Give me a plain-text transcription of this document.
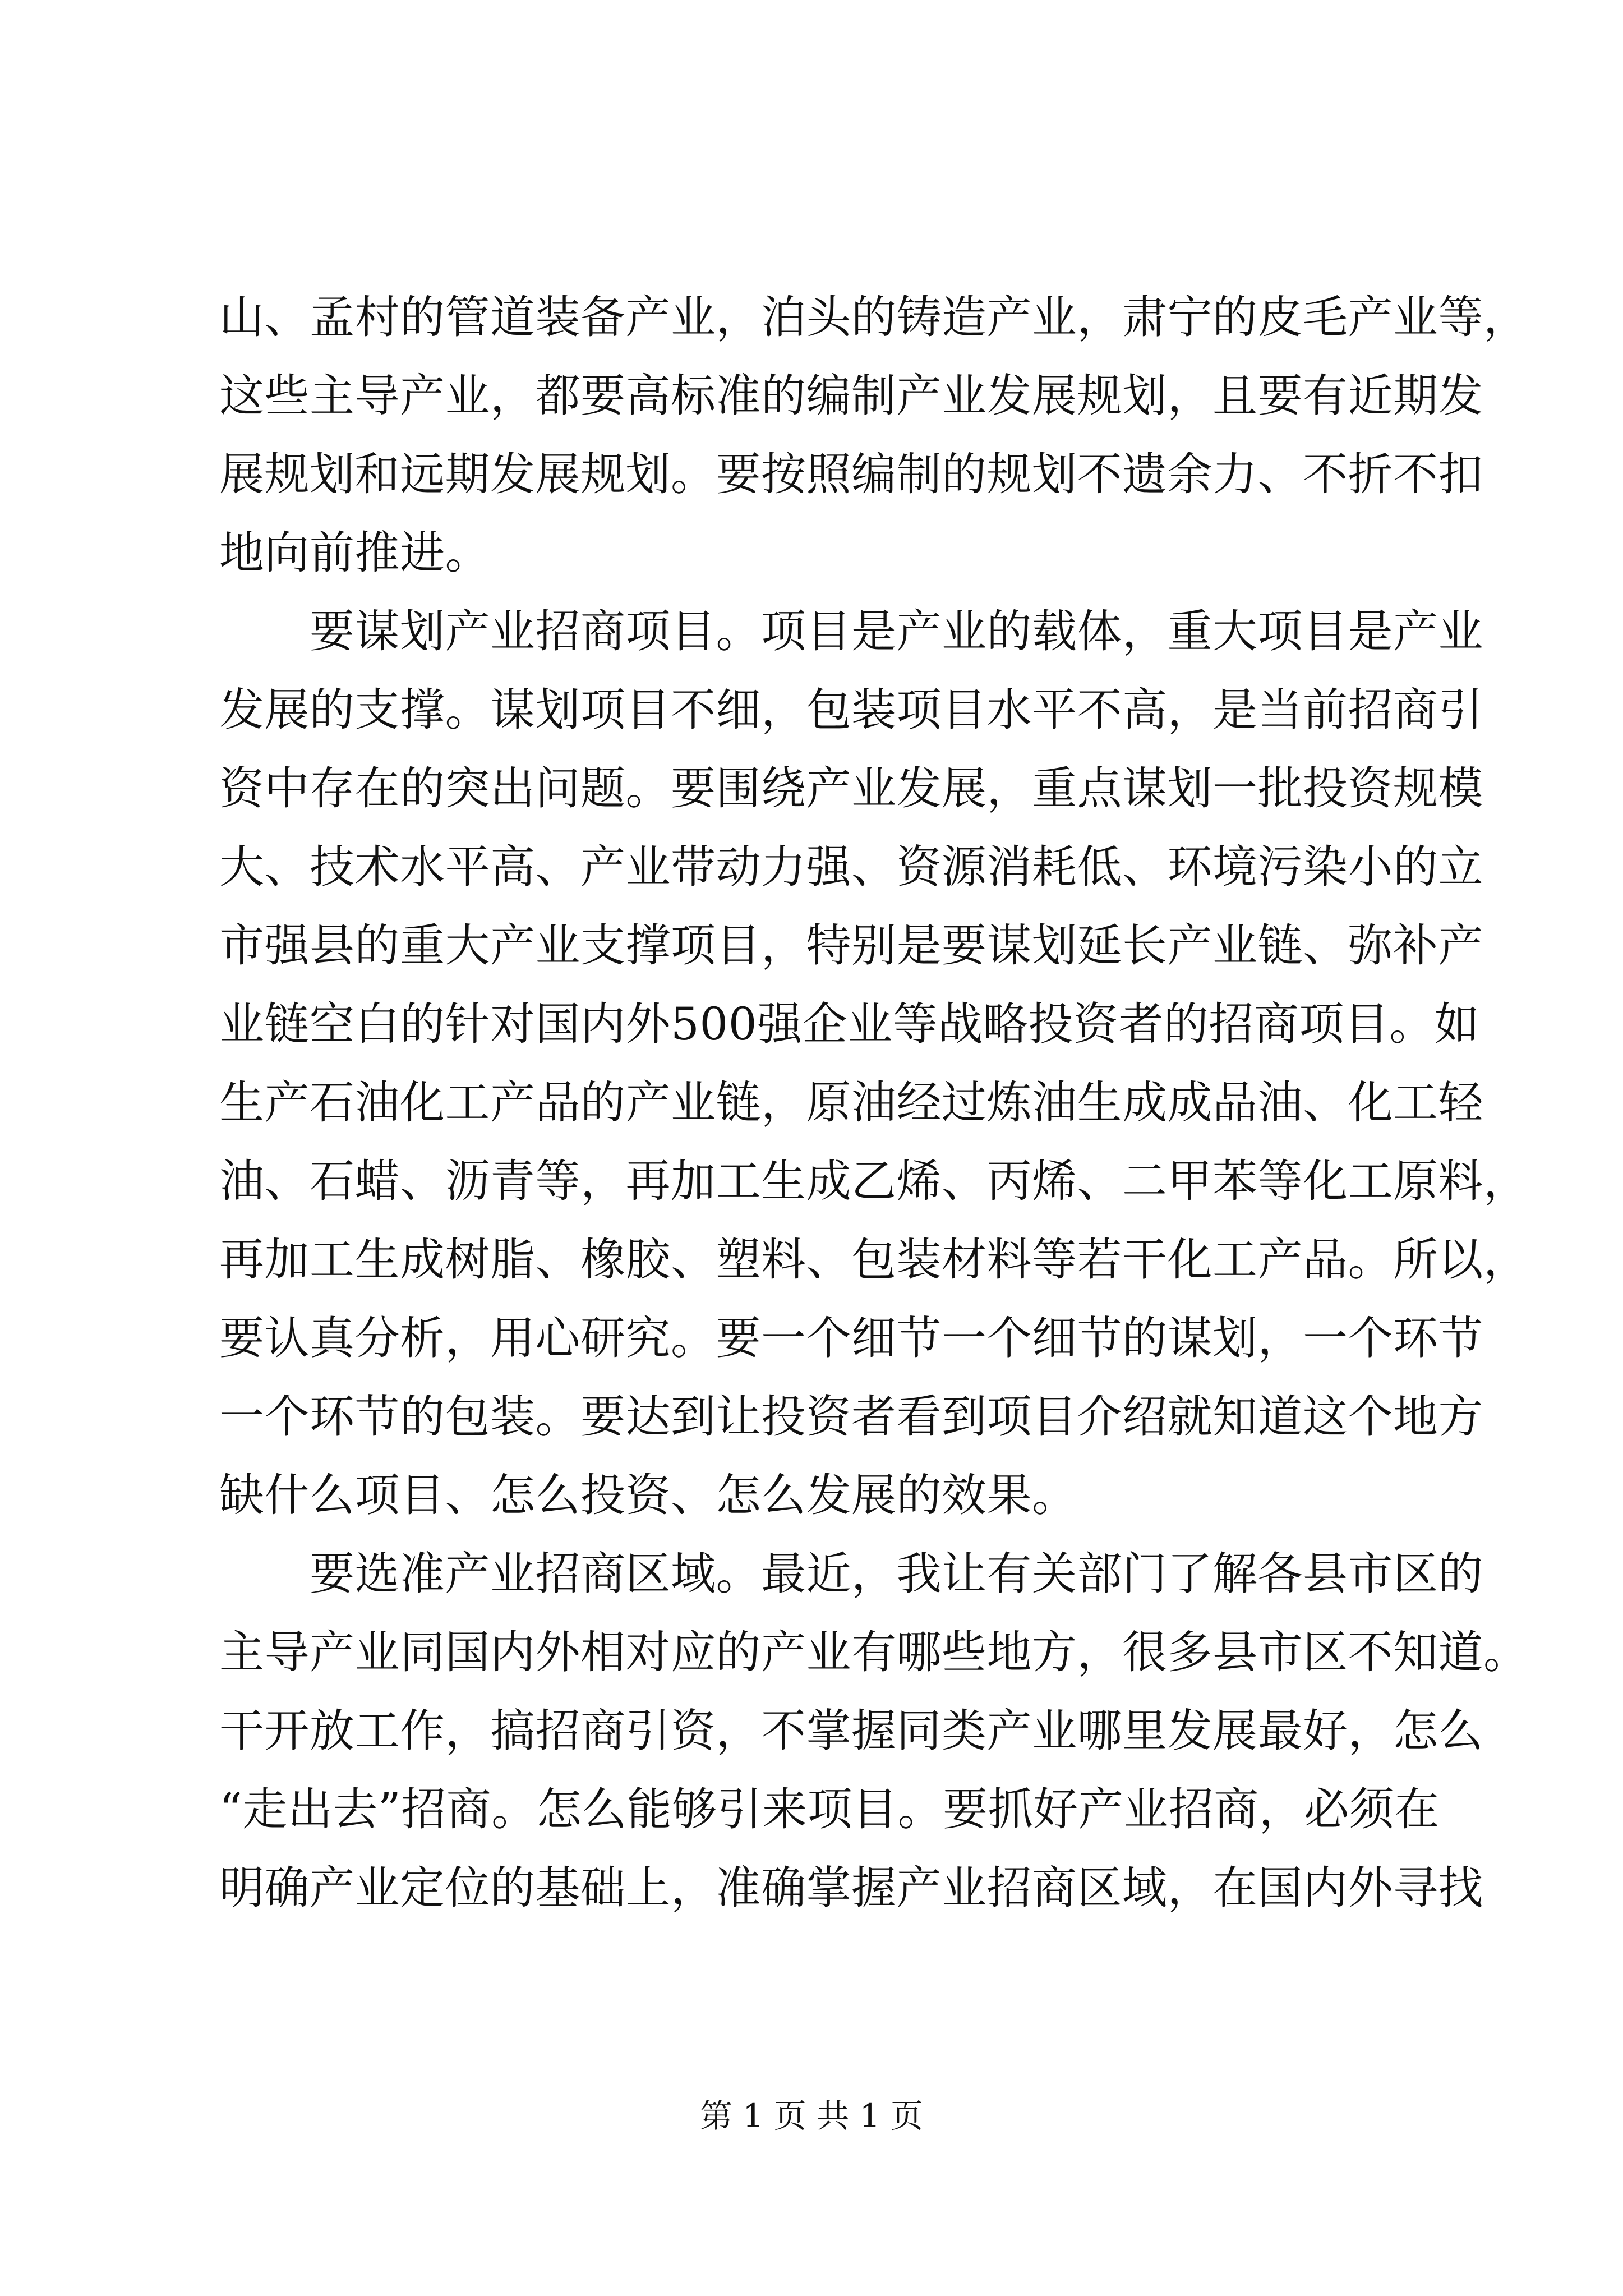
山、孟村的管道装备产业，泊头的铸造产业，肃宁的皮毛产业等，
这些主导产业，都要高标准的编制产业发展规划，且要有近期发
展规划和远期发展规划。要按照编制的规划不遗余力、不折不扣
地向前推进。
　　要谋划产业招商项目。项目是产业的载体，重大项目是产业
发展的支撑。谋划项目不细，包装项目水平不高，是当前招商引
资中存在的突出问题。要围绕产业发展，重点谋划一批投资规模
大、技术水平高、产业带动力强、资源消耗低、环境污染小的立
市强县的重大产业支撑项目，特别是要谋划延长产业链、弥补产
业链空白的针对国内外500强企业等战略投资者的招商项目。如
生产石油化工产品的产业链，原油经过炼油生成成品油、化工轻
油、石蜡、沥青等，再加工生成乙烯、丙烯、二甲苯等化工原料，
再加工生成树脂、橡胶、塑料、包装材料等若干化工产品。所以，
要认真分析，用心研究。要一个细节一个细节的谋划，一个环节
一个环节的包装。要达到让投资者看到项目介绍就知道这个地方
缺什么项目、怎么投资、怎么发展的效果。
　　要选准产业招商区域。最近，我让有关部门了解各县市区的
主导产业同国内外相对应的产业有哪些地方，很多县市区不知道。
干开放工作，搞招商引资，不掌握同类产业哪里发展最好，怎么
“走出去”招商。怎么能够引来项目。要抓好产业招商，必须在
明确产业定位的基础上，准确掌握产业招商区域，在国内外寻找
第 1 页 共 1 页
